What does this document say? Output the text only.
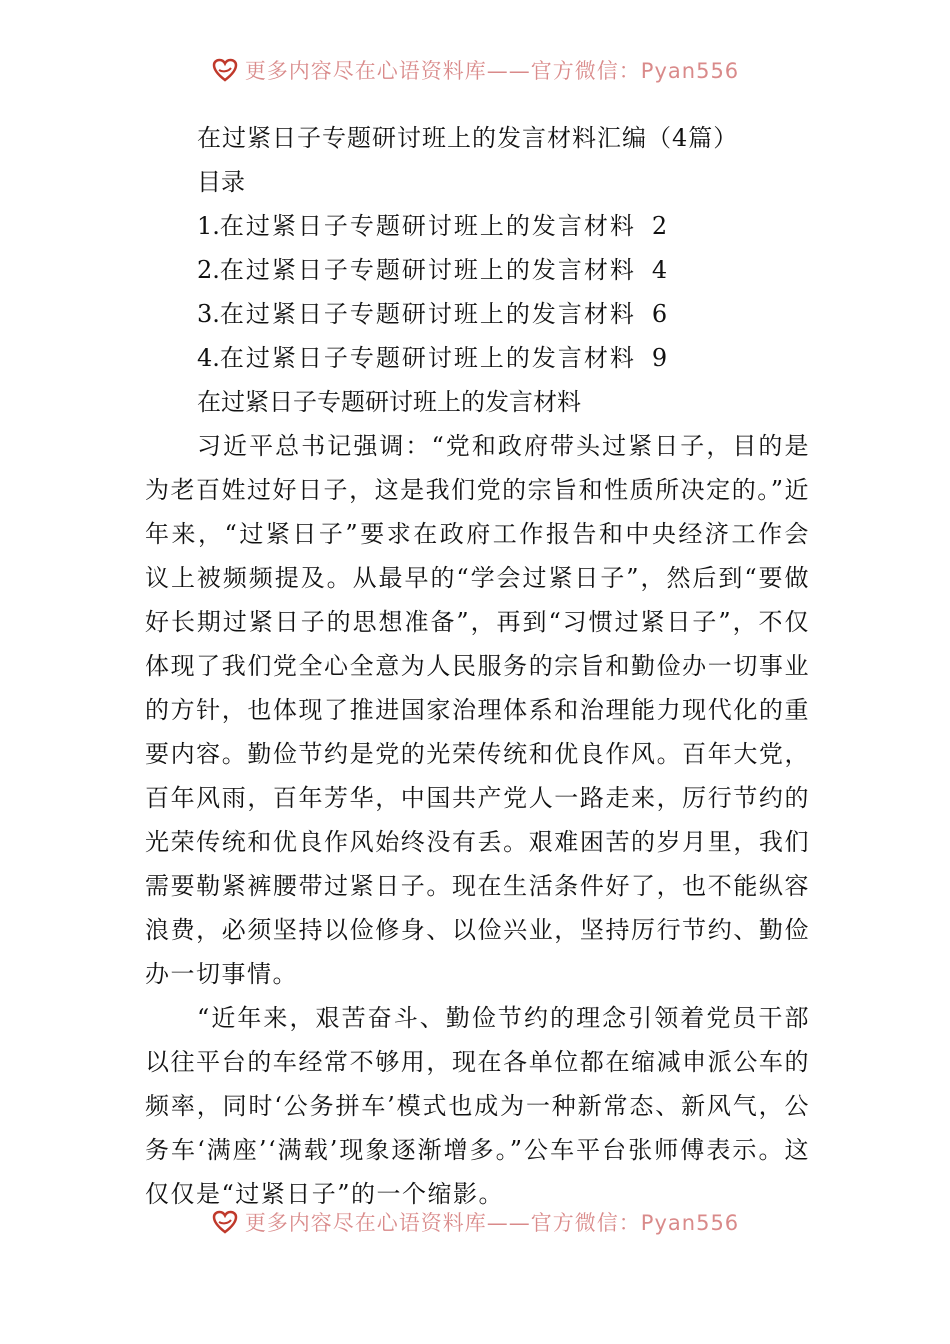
更多内容尽在心语资料库——官方微信：Pyan556
在过紧日子专题研讨班上的发言材料汇编（4篇）
目录
1. 在过紧日子专题研讨班上的发言材料 2
2. 在过紧日子专题研讨班上的发言材料 4
3. 在过紧日子专题研讨班上的发言材料 6
4. 在过紧日子专题研讨班上的发言材料 9
在过紧日子专题研讨班上的发言材料

习近平总书记强调：“党和政府带头过紧日子，目的是为老百姓过好日子，这是我们党的宗旨和性质所决定的。”近年来，“过紧日子”要求在政府工作报告和中央经济工作会议上被频频提及。从最早的“学会过紧日子”，然后到“要做好长期过紧日子的思想准备”，再到“习惯过紧日子”，不仅体现了我们党全心全意为人民服务的宗旨和勤俭办一切事业的方针，也体现了推进国家治理体系和治理能力现代化的重要内容。勤俭节约是党的光荣传统和优良作风。百年大党，百年风雨，百年芳华，中国共产党人一路走来，厉行节约的光荣传统和优良作风始终没有丢。艰难困苦的岁月里，我们需要勒紧裤腰带过紧日子。现在生活条件好了，也不能纵容浪费，必须坚持以俭修身、以俭兴业，坚持厉行节约、勤俭办一切事情。

“近年来，艰苦奋斗、勤俭节约的理念引领着党员干部以往平台的车经常不够用，现在各单位都在缩减申派公车的频率，同时‘公务拼车’模式也成为一种新常态、新风气，公务车‘满座’‘满载’现象逐渐增多。”公车平台张师傅表示。这仅仅是“过紧日子”的一个缩影。

更多内容尽在心语资料库——官方微信：Pyan556
